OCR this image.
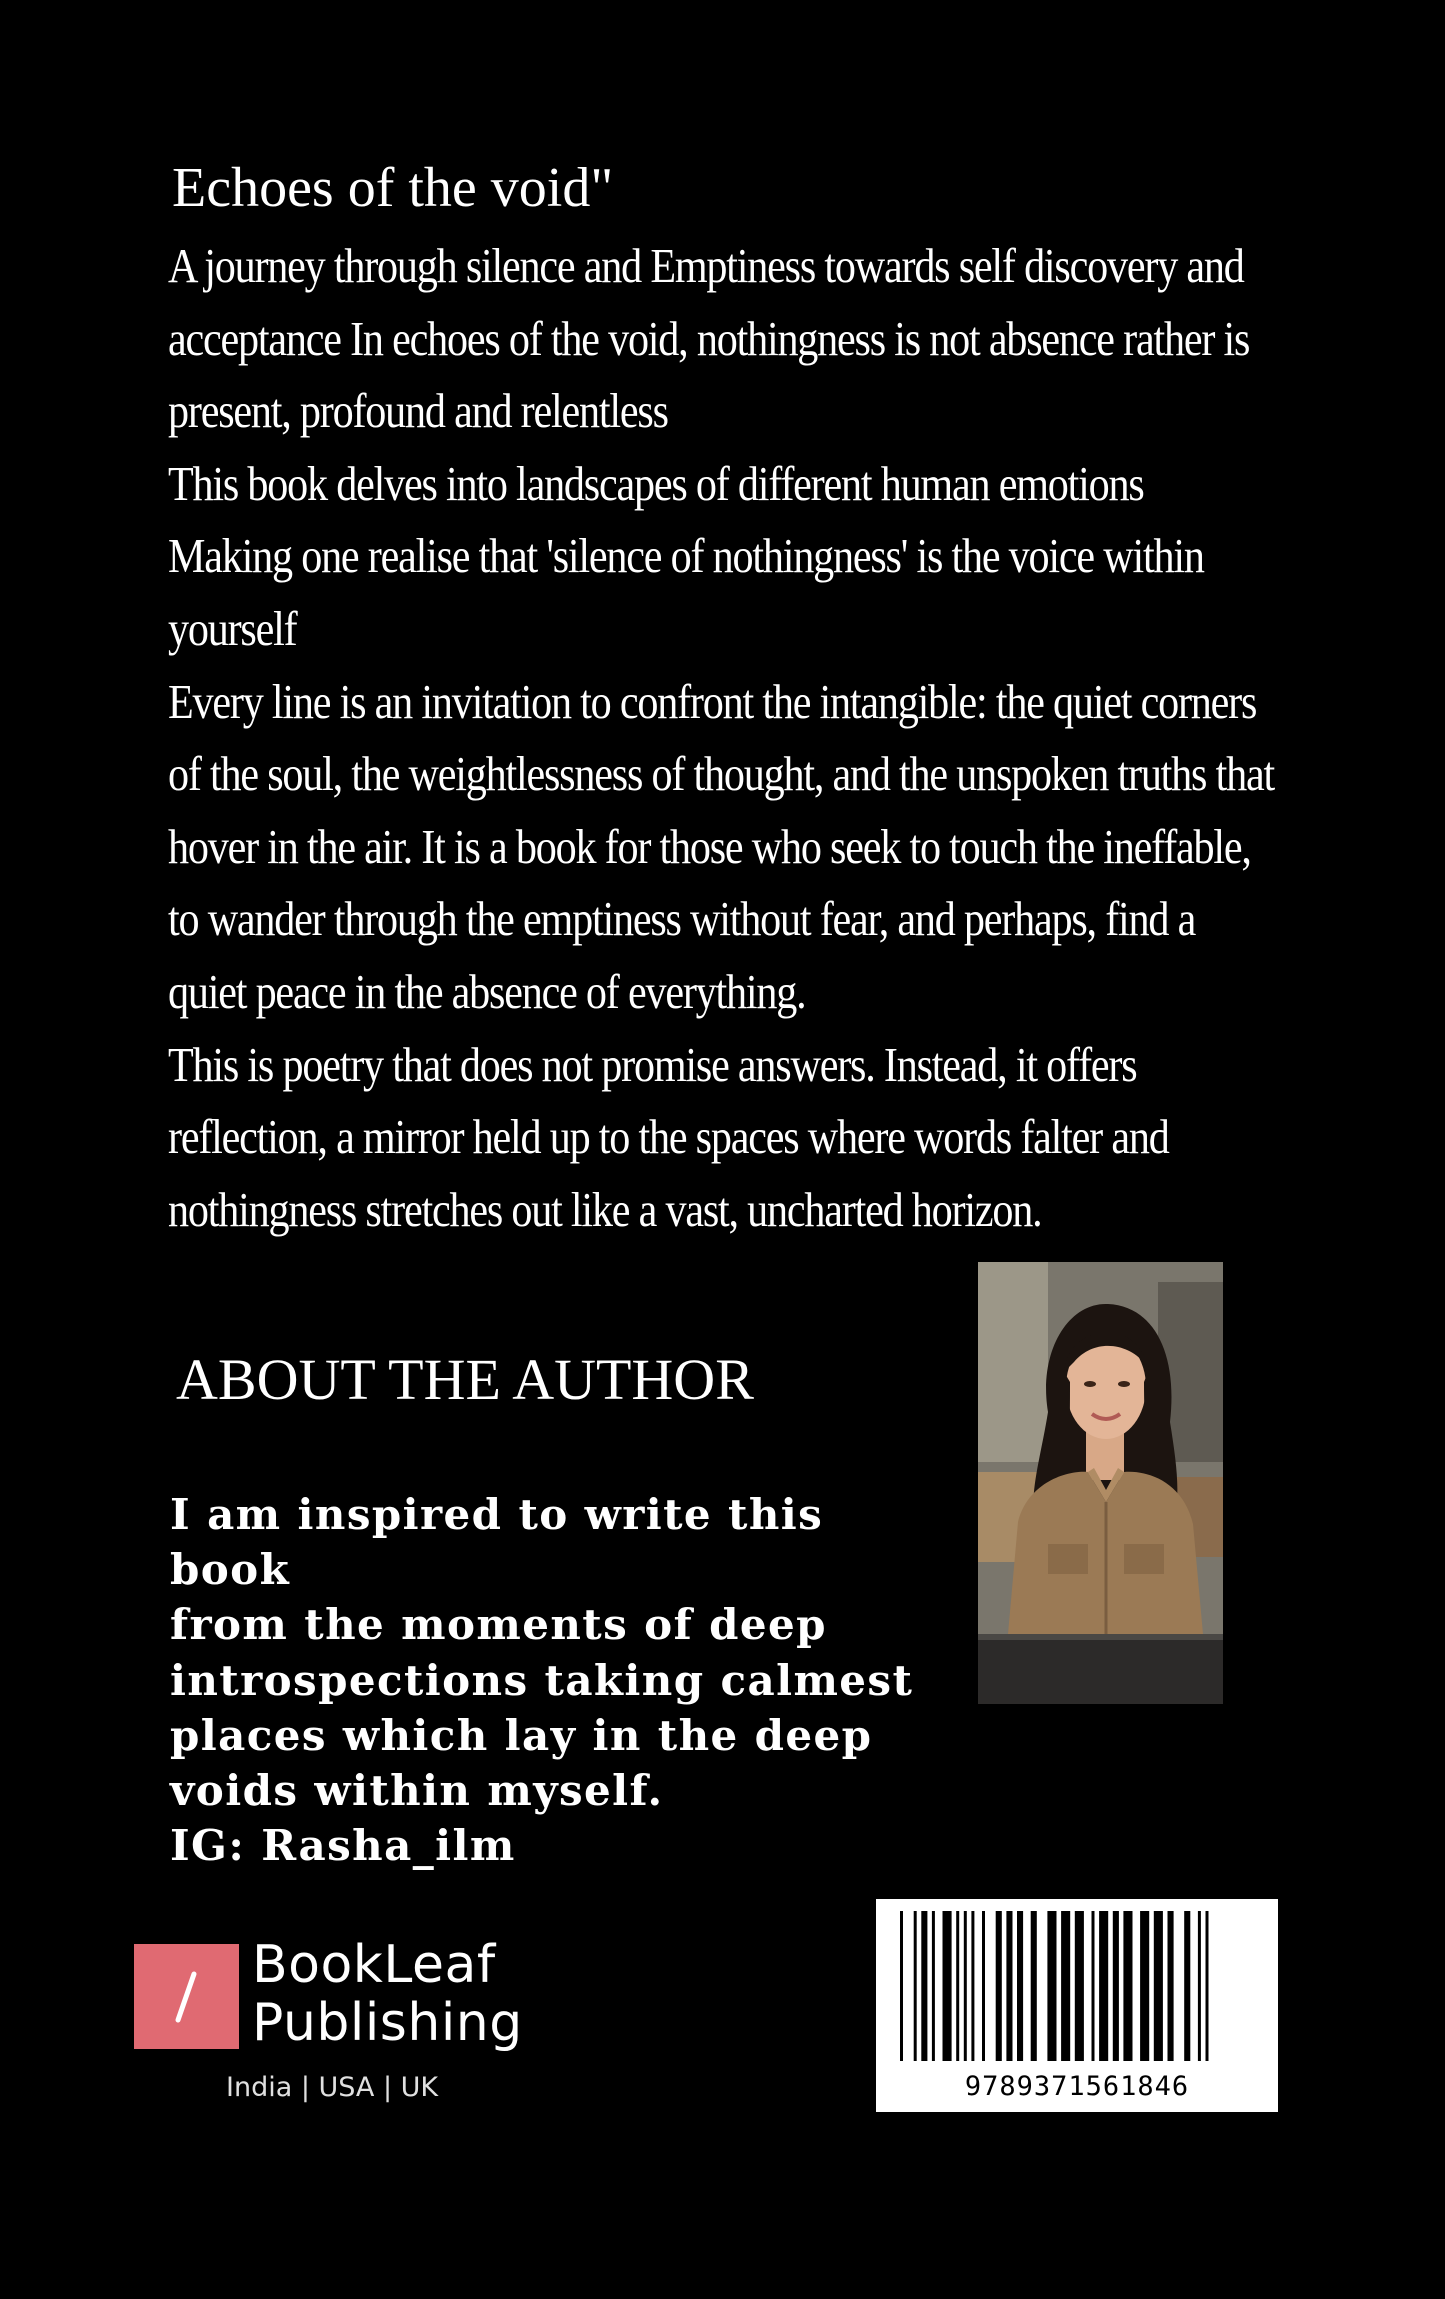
Echoes of the void"
A journey through silence and Emptiness towards self discovery and
acceptance In echoes of the void, nothingness is not absence rather is
present, profound and relentless
This book delves into landscapes of different human emotions
Making one realise that 'silence of nothingness' is the voice within
yourself
Every line is an invitation to confront the intangible: the quiet corners
of the soul, the weightlessness of thought, and the unspoken truths that
hover in the air. It is a book for those who seek to touch the ineffable,
to wander through the emptiness without fear, and perhaps, find a
quiet peace in the absence of everything.
This is poetry that does not promise answers. Instead, it offers
reflection, a mirror held up to the spaces where words falter and
nothingness stretches out like a vast, uncharted horizon.
ABOUT THE AUTHOR
I am inspired to write this
book
from the moments of deep
introspections taking calmest
places which lay in the deep
voids within myself.
IG: Rasha_ilm
BookLeaf
Publishing
India | USA | UK	9789371561846
